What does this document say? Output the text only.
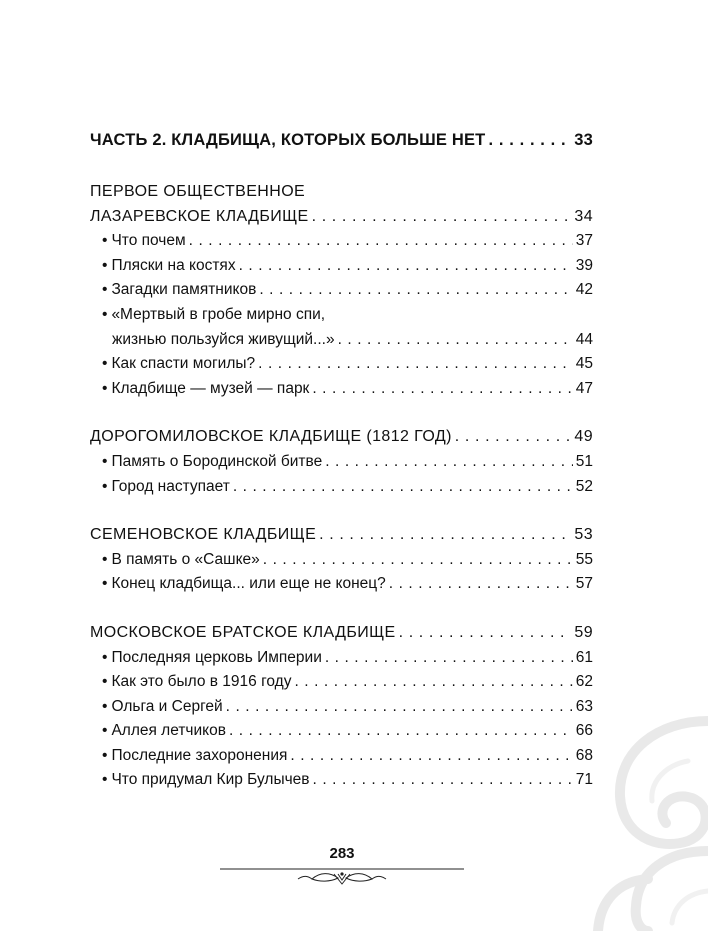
ЧАСТЬ 2. КЛАДБИЩА, КОТОРЫХ БОЛЬШЕ НЕТ . . .	33
ПЕРВОЕ ОБЩЕСТВЕННОЕ
ЛАЗАРЕВСКОЕ КЛАДБИЩЕ . . .	34
• Что почем . . .	37
• Пляски на костях . . .	39
• Загадки памятников . . .	42
• «Мертвый в гробе мирно спи,
жизнью пользуйся живущий...» . . .	44
• Как спасти могилы? . . .	45
• Кладбище — музей — парк . . .	47
ДОРОГОМИЛОВСКОЕ КЛАДБИЩЕ (1812 ГОД) . . .	49
• Память о Бородинской битве . . .	51
• Город наступает . . .	52
СЕМЕНОВСКОЕ КЛАДБИЩЕ . . .	53
• В память о «Сашке» . . .	55
• Конец кладбища... или еще не конец? . . .	57
МОСКОВСКОЕ БРАТСКОЕ КЛАДБИЩЕ . . .	59
• Последняя церковь Империи . . .	61
• Как это было в 1916 году . . .	62
• Ольга и Сергей . . .	63
• Аллея летчиков . . .	66
• Последние захоронения . . .	68
• Что придумал Кир Булычев . . .	71
283
